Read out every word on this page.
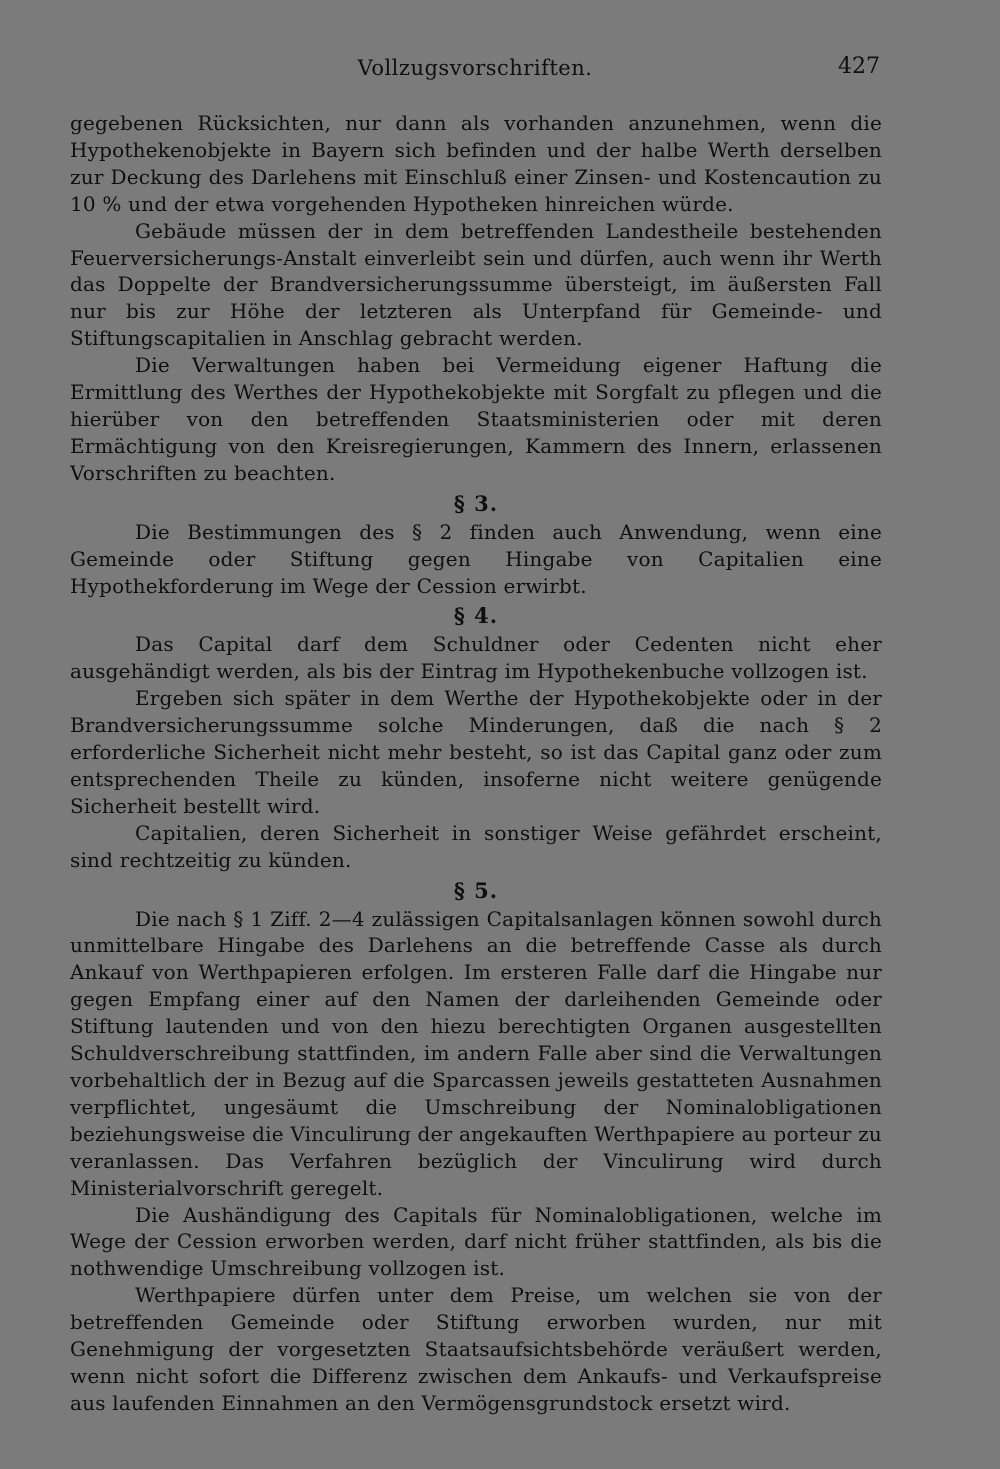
Vollzugsvorschriften.	427

gegebenen Rücksichten, nur dann als vorhanden anzunehmen, wenn die Hypothekenobjekte in Bayern sich befinden und der halbe Werth derselben zur Deckung des Darlehens mit Einschluß einer Zinsen- und Kostencaution zu 10 % und der etwa vorgehenden Hypotheken hinreichen würde.

Gebäude müssen der in dem betreffenden Landestheile bestehenden Feuerversicherungs-Anstalt einverleibt sein und dürfen, auch wenn ihr Werth das Doppelte der Brandversicherungssumme übersteigt, im äußersten Fall nur bis zur Höhe der letzteren als Unterpfand für Gemeinde- und Stiftungscapitalien in Anschlag gebracht werden.

Die Verwaltungen haben bei Vermeidung eigener Haftung die Ermittlung des Werthes der Hypothekobjekte mit Sorgfalt zu pflegen und die hierüber von den betreffenden Staatsministerien oder mit deren Ermächtigung von den Kreisregierungen, Kammern des Innern, erlassenen Vorschriften zu beachten.

§ 3.

Die Bestimmungen des § 2 finden auch Anwendung, wenn eine Gemeinde oder Stiftung gegen Hingabe von Capitalien eine Hypothekforderung im Wege der Cession erwirbt.

§ 4.

Das Capital darf dem Schuldner oder Cedenten nicht eher ausgehändigt werden, als bis der Eintrag im Hypothekenbuche vollzogen ist.

Ergeben sich später in dem Werthe der Hypothekobjekte oder in der Brandversicherungssumme solche Minderungen, daß die nach § 2 erforderliche Sicherheit nicht mehr besteht, so ist das Capital ganz oder zum entsprechenden Theile zu künden, insoferne nicht weitere genügende Sicherheit bestellt wird.

Capitalien, deren Sicherheit in sonstiger Weise gefährdet erscheint, sind rechtzeitig zu künden.

§ 5.

Die nach § 1 Ziff. 2—4 zulässigen Capitalsanlagen können sowohl durch unmittelbare Hingabe des Darlehens an die betreffende Casse als durch Ankauf von Werthpapieren erfolgen. Im ersteren Falle darf die Hingabe nur gegen Empfang einer auf den Namen der darleihenden Gemeinde oder Stiftung lautenden und von den hiezu berechtigten Organen ausgestellten Schuldverschreibung stattfinden, im andern Falle aber sind die Verwaltungen vorbehaltlich der in Bezug auf die Sparcassen jeweils gestatteten Ausnahmen verpflichtet, ungesäumt die Umschreibung der Nominalobligationen beziehungsweise die Vinculirung der angekauften Werthpapiere au porteur zu veranlassen. Das Verfahren bezüglich der Vinculirung wird durch Ministerialvorschrift geregelt.

Die Aushändigung des Capitals für Nominalobligationen, welche im Wege der Cession erworben werden, darf nicht früher stattfinden, als bis die nothwendige Umschreibung vollzogen ist.

Werthpapiere dürfen unter dem Preise, um welchen sie von der betreffenden Gemeinde oder Stiftung erworben wurden, nur mit Genehmigung der vorgesetzten Staatsaufsichtsbehörde veräußert werden, wenn nicht sofort die Differenz zwischen dem Ankaufs- und Verkaufspreise aus laufenden Einnahmen an den Vermögensgrundstock ersetzt wird.
